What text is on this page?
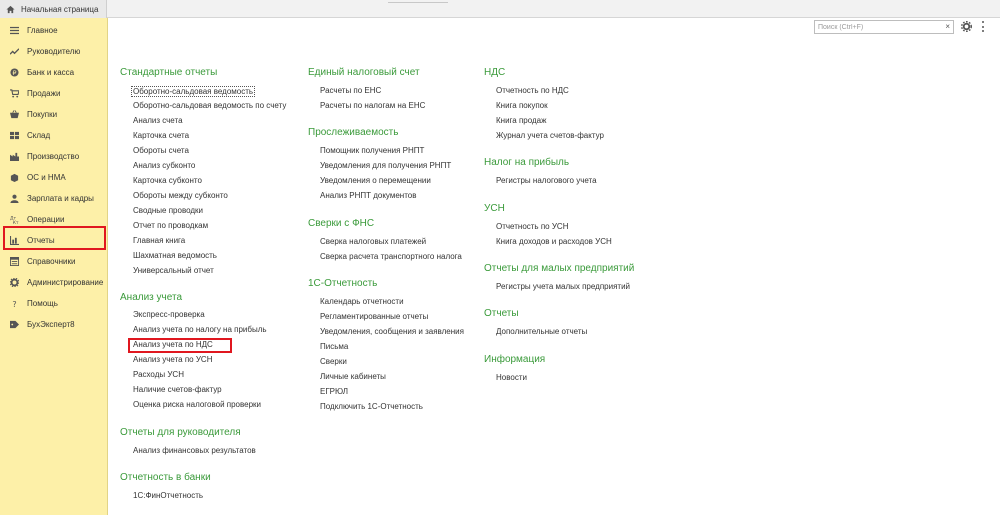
Начальная страница
Главное
Руководителю
₽ Банк и касса
Продажи
Покупки
Склад
Производство
ОС и НМА
Зарплата и кадры
Дт
Кт Операции
Отчеты
Справочники
Администрирование
? Помощь
БухЭксперт8
Поиск (Ctrl+F)
×
Стандартные отчеты
Оборотно-сальдовая ведомость
Оборотно-сальдовая ведомость по счету
Анализ счета
Карточка счета
Обороты счета
Анализ субконто
Карточка субконто
Обороты между субконто
Сводные проводки
Отчет по проводкам
Главная книга
Шахматная ведомость
Универсальный отчет
Анализ учета
Экспресс-проверка
Анализ учета по налогу на прибыль
Анализ учета по НДС
Анализ учета по УСН
Расходы УСН
Наличие счетов-фактур
Оценка риска налоговой проверки
Отчеты для руководителя
Анализ финансовых результатов
Отчетность в банки
1С:ФинОтчетность
Единый налоговый счет
Расчеты по ЕНС
Расчеты по налогам на ЕНС
Прослеживаемость
Помощник получения РНПТ
Уведомления для получения РНПТ
Уведомления о перемещении
Анализ РНПТ документов
Сверки с ФНС
Сверка налоговых платежей
Сверка расчета транспортного налога
1С-Отчетность
Календарь отчетности
Регламентированные отчеты
Уведомления, сообщения и заявления
Письма
Сверки
Личные кабинеты
ЕГРЮЛ
Подключить 1С-Отчетность
НДС
Отчетность по НДС
Книга покупок
Книга продаж
Журнал учета счетов-фактур
Налог на прибыль
Регистры налогового учета
УСН
Отчетность по УСН
Книга доходов и расходов УСН
Отчеты для малых предприятий
Регистры учета малых предприятий
Отчеты
Дополнительные отчеты
Информация
Новости
